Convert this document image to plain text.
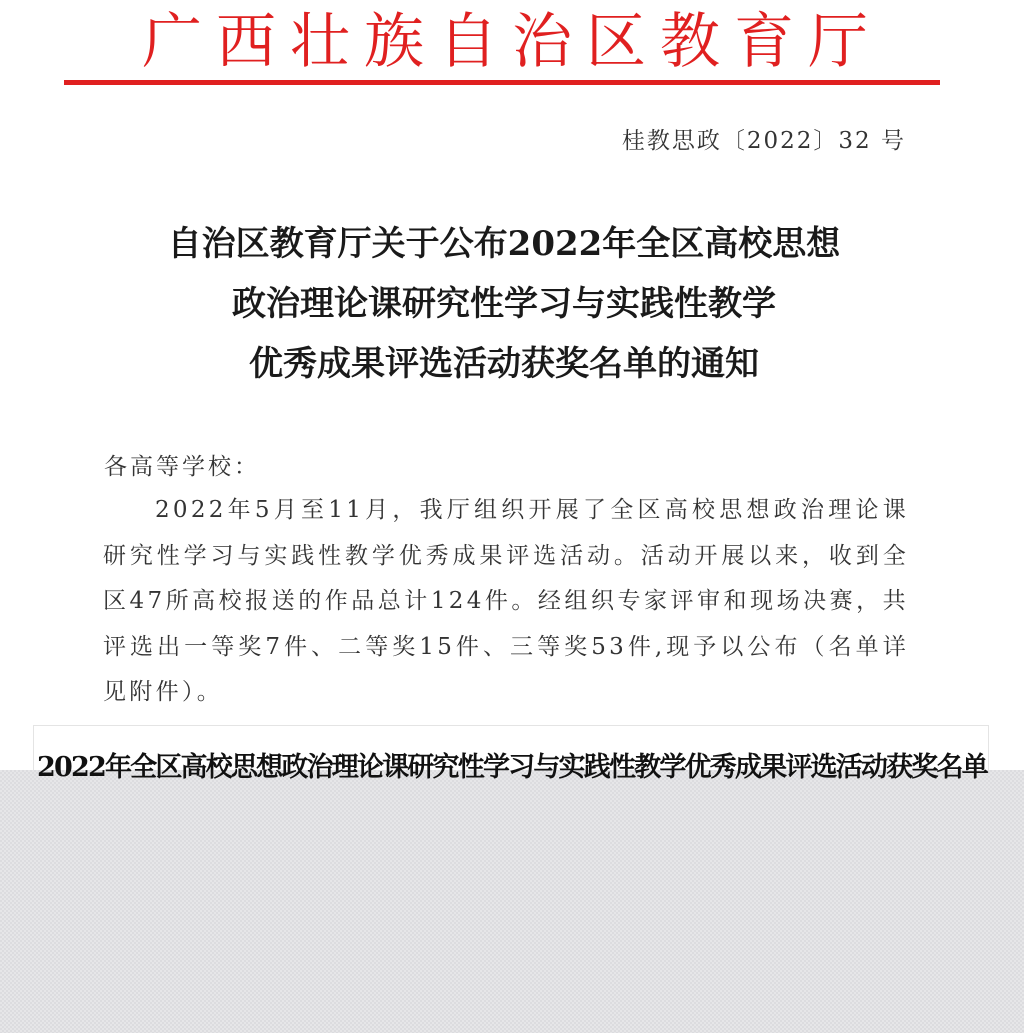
广西壮族自治区教育厅
桂教思政〔2022〕32 号
自治区教育厅关于公布2022年全区高校思想
政治理论课研究性学习与实践性教学
优秀成果评选活动获奖名单的通知
各高等学校：

2022年5月至11月，我厅组织开展了全区高校思想政治理论课研究性学习与实践性教学优秀成果评选活动。活动开展以来，收到全区47所高校报送的作品总计124件。经组织专家评审和现场决赛，共评选出一等奖7件、二等奖15件、三等奖53件,现予以公布（名单详见附件）。

2022年全区高校思想政治理论课研究性学习与实践性教学优秀成果评选活动获奖名单
